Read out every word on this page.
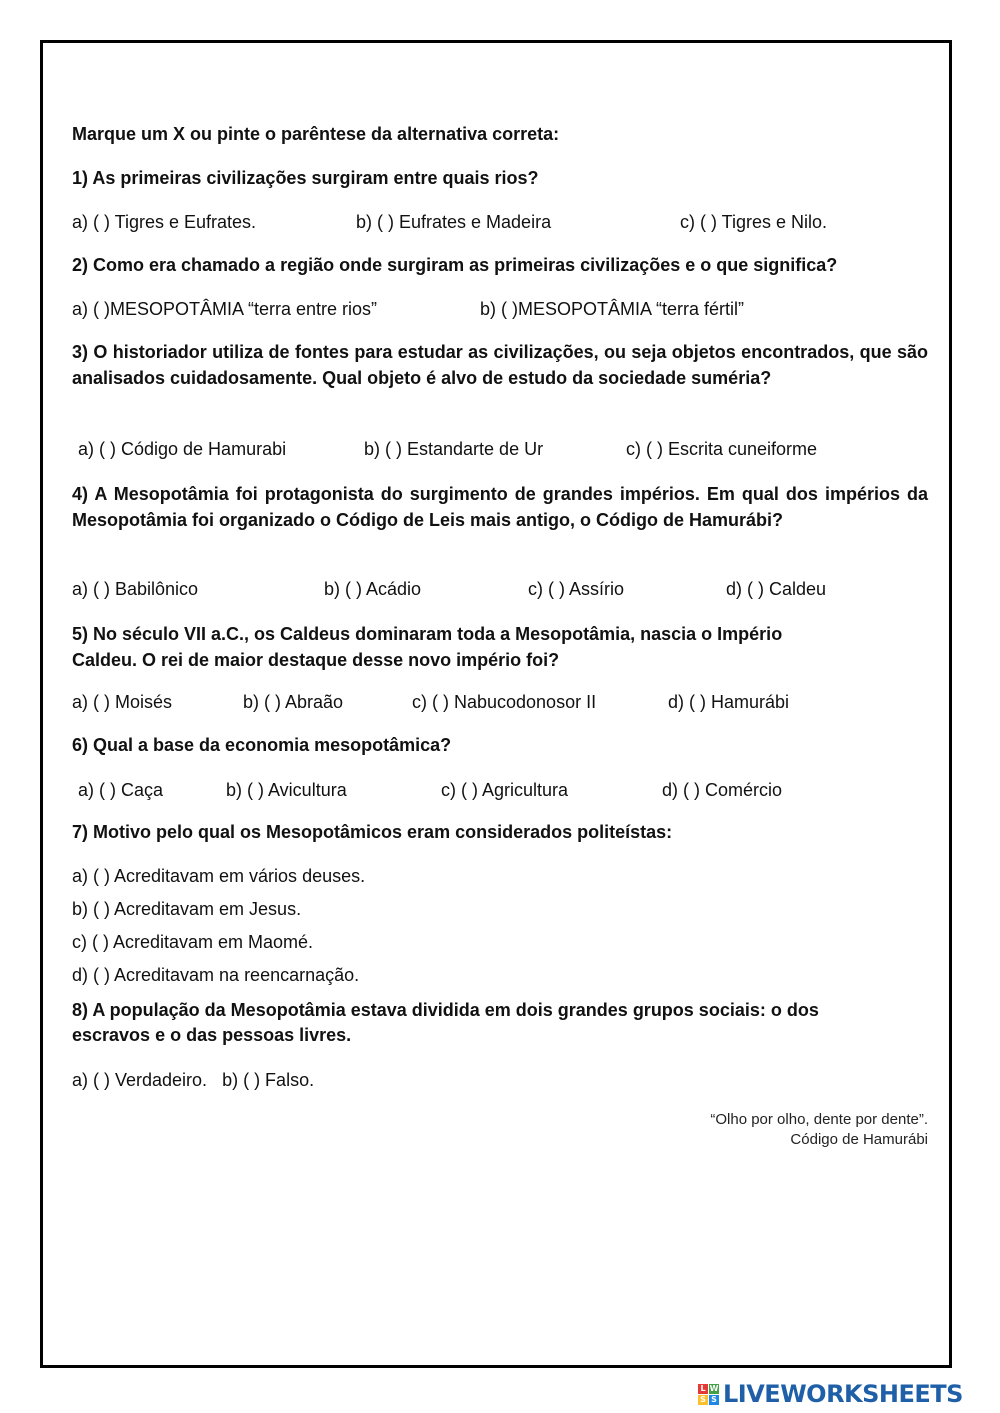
Marque um X ou pinte o parêntese da alternativa correta:
1) As primeiras civilizações surgiram entre quais rios?
a) ( ) Tigres e Eufrates.	b) ( ) Eufrates e Madeira	c) ( ) Tigres e Nilo.
2) Como era chamado a região onde surgiram as primeiras civilizações e o que significa?
a) ( )MESOPOTÂMIA “terra entre rios”	b) ( )MESOPOTÂMIA “terra fértil”
3) O historiador utiliza de fontes para estudar as civilizações, ou seja objetos encontrados, que são analisados cuidadosamente. Qual objeto é alvo de estudo da sociedade suméria?
a) ( ) Código de Hamurabi	b) ( ) Estandarte de Ur	c) ( ) Escrita cuneiforme
4) A Mesopotâmia foi protagonista do surgimento de grandes impérios. Em qual dos impérios da Mesopotâmia foi organizado o Código de Leis mais antigo, o Código de Hamurábi?
a) ( ) Babilônico	b) ( ) Acádio	c) ( ) Assírio	d) ( ) Caldeu
5) No século VII a.C., os Caldeus dominaram toda a Mesopotâmia, nascia o Império
Caldeu. O rei de maior destaque desse novo império foi?
a) ( ) Moisés	b) ( ) Abraão	c) ( ) Nabucodonosor II	d) ( ) Hamurábi
6) Qual a base da economia mesopotâmica?
a) ( ) Caça	b) ( ) Avicultura	c) ( ) Agricultura	d) ( ) Comércio
7) Motivo pelo qual os Mesopotâmicos eram considerados politeístas:
a) ( ) Acreditavam em vários deuses.
b) ( ) Acreditavam em Jesus.
c) ( ) Acreditavam em Maomé.
d) ( ) Acreditavam na reencarnação.
8) A população da Mesopotâmia estava dividida em dois grandes grupos sociais: o dos
escravos e o das pessoas livres.
a) ( ) Verdadeiro.   b) ( ) Falso.
“Olho por olho, dente por dente”.
Código de Hamurábi
L W
S S LIVEWORKSHEETS
